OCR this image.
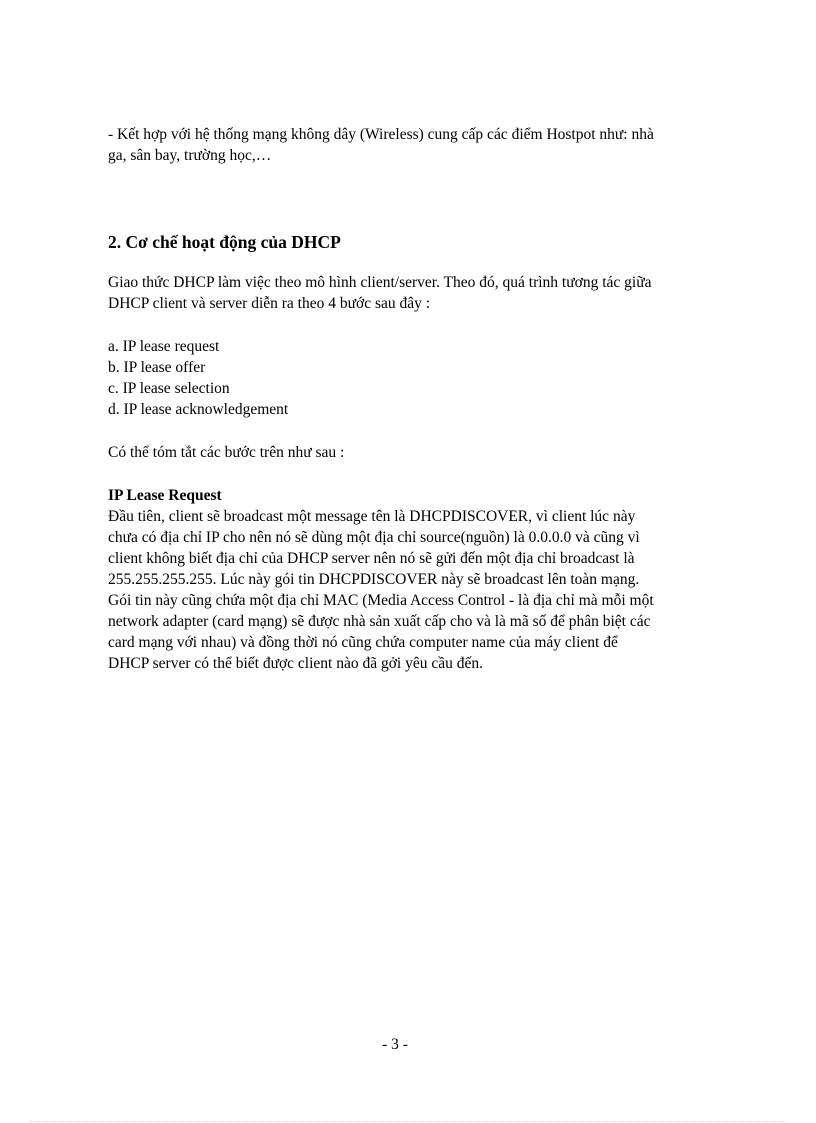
- Kết hợp với hệ thống mạng không dây (Wireless) cung cấp các điểm Hostpot như: nhà
ga, sân bay, trường học,…
2. Cơ chế hoạt động của DHCP
Giao thức DHCP làm việc theo mô hình client/server. Theo đó, quá trình tương tác giữa
DHCP client và server diễn ra theo 4 bước sau đây :
a. IP lease request
b. IP lease offer
c. IP lease selection
d. IP lease acknowledgement
Có thể tóm tắt các bước trên như sau :
IP Lease Request
Đầu tiên, client sẽ broadcast một message tên là DHCPDISCOVER, vì client lúc này
chưa có địa chỉ IP cho nên nó sẽ dùng một địa chỉ source(nguồn) là 0.0.0.0 và cũng vì
client không biết địa chỉ của DHCP server nên nó sẽ gửi đến một địa chỉ broadcast là
255.255.255.255. Lúc này gói tin DHCPDISCOVER này sẽ broadcast lên toàn mạng.
Gói tin này cũng chứa một địa chỉ MAC (Media Access Control - là địa chỉ mà mỗi một
network adapter (card mạng) sẽ được nhà sản xuất cấp cho và là mã số để phân biệt các
card mạng với nhau) và đồng thời nó cũng chứa computer name của máy client để
DHCP server có thể biết được client nào đã gởi yêu cầu đến.
- 3 -
